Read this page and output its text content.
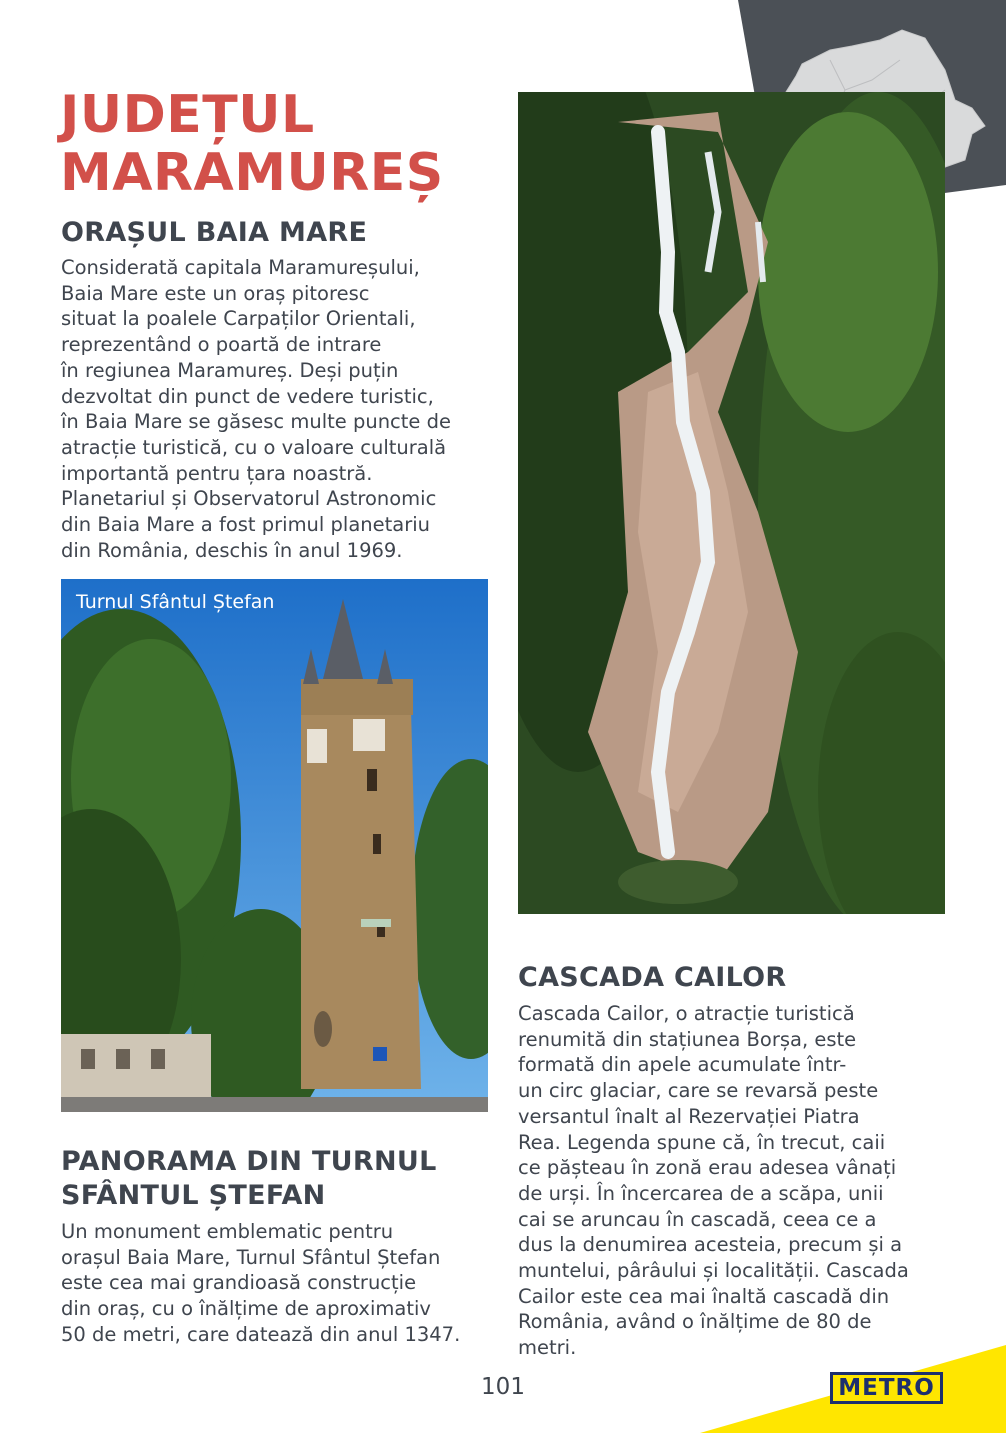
JUDEȚUL
MARAMUREȘ
ORAȘUL BAIA MARE
Considerată capitala Maramureșului,
Baia Mare este un oraș pitoresc
situat la poalele Carpaților Orientali,
reprezentând o poartă de intrare
în regiunea Maramureș. Deși puțin
dezvoltat din punct de vedere turistic,
în Baia Mare se găsesc multe puncte de
atracție turistică, cu o valoare culturală
importantă pentru țara noastră.
Planetariul și Observatorul Astronomic
din Baia Mare a fost primul planetariu
din România, deschis în anul 1969.
Turnul Sfântul Ștefan
PANORAMA DIN TURNUL
SFÂNTUL ȘTEFAN
Un monument emblematic pentru
orașul Baia Mare, Turnul Sfântul Ștefan
este cea mai grandioasă construcție
din oraș, cu o înălțime de aproximativ
50 de metri, care datează din anul 1347.
CASCADA CAILOR
Cascada Cailor, o atracție turistică
renumită din stațiunea Borșa, este
formată din apele acumulate într-
un circ glaciar, care se revarsă peste
versantul înalt al Rezervației Piatra
Rea. Legenda spune că, în trecut, caii
ce pășteau în zonă erau adesea vânați
de urși. În încercarea de a scăpa, unii
cai se aruncau în cascadă, ceea ce a
dus la denumirea acesteia, precum și a
muntelui, pârâului și localității. Cascada
Cailor este cea mai înaltă cascadă din
România, având o înălțime de 80 de
metri.
101	METRO
